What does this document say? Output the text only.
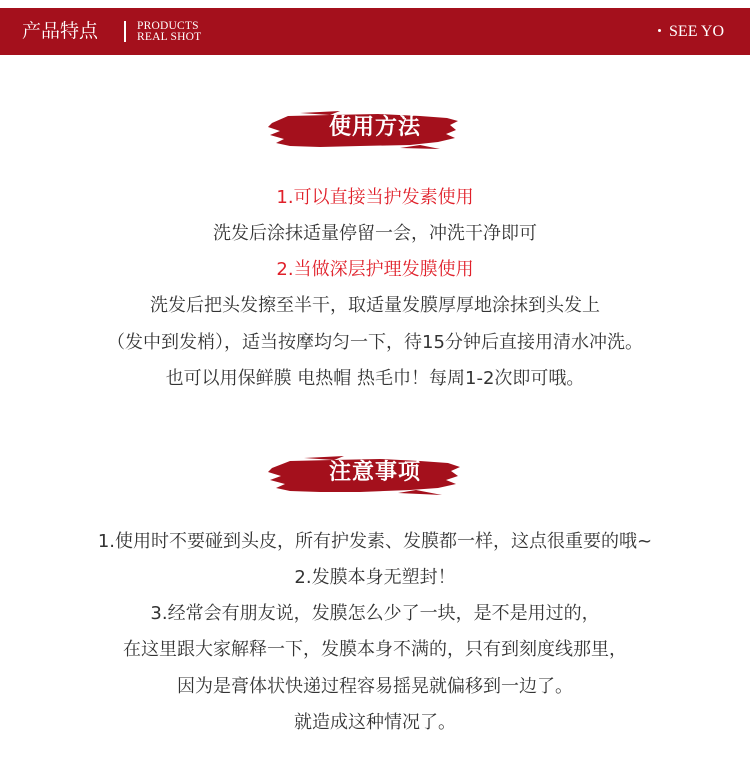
产品特点	PRODUCTS
REAL SHOT	SEE YO
使用方法
1.可以直接当护发素使用
洗发后涂抹适量停留一会，冲洗干净即可
2.当做深层护理发膜使用
洗发后把头发擦至半干，取适量发膜厚厚地涂抹到头发上
（发中到发梢），适当按摩均匀一下，待15分钟后直接用清水冲洗。
也可以用保鲜膜 电热帽 热毛巾！每周1-2次即可哦。
注意事项
1.使用时不要碰到头皮，所有护发素、发膜都一样，这点很重要的哦~
2.发膜本身无塑封！
3.经常会有朋友说，发膜怎么少了一块，是不是用过的，
在这里跟大家解释一下，发膜本身不满的，只有到刻度线那里，
因为是膏体状快递过程容易摇晃就偏移到一边了。
就造成这种情况了。
